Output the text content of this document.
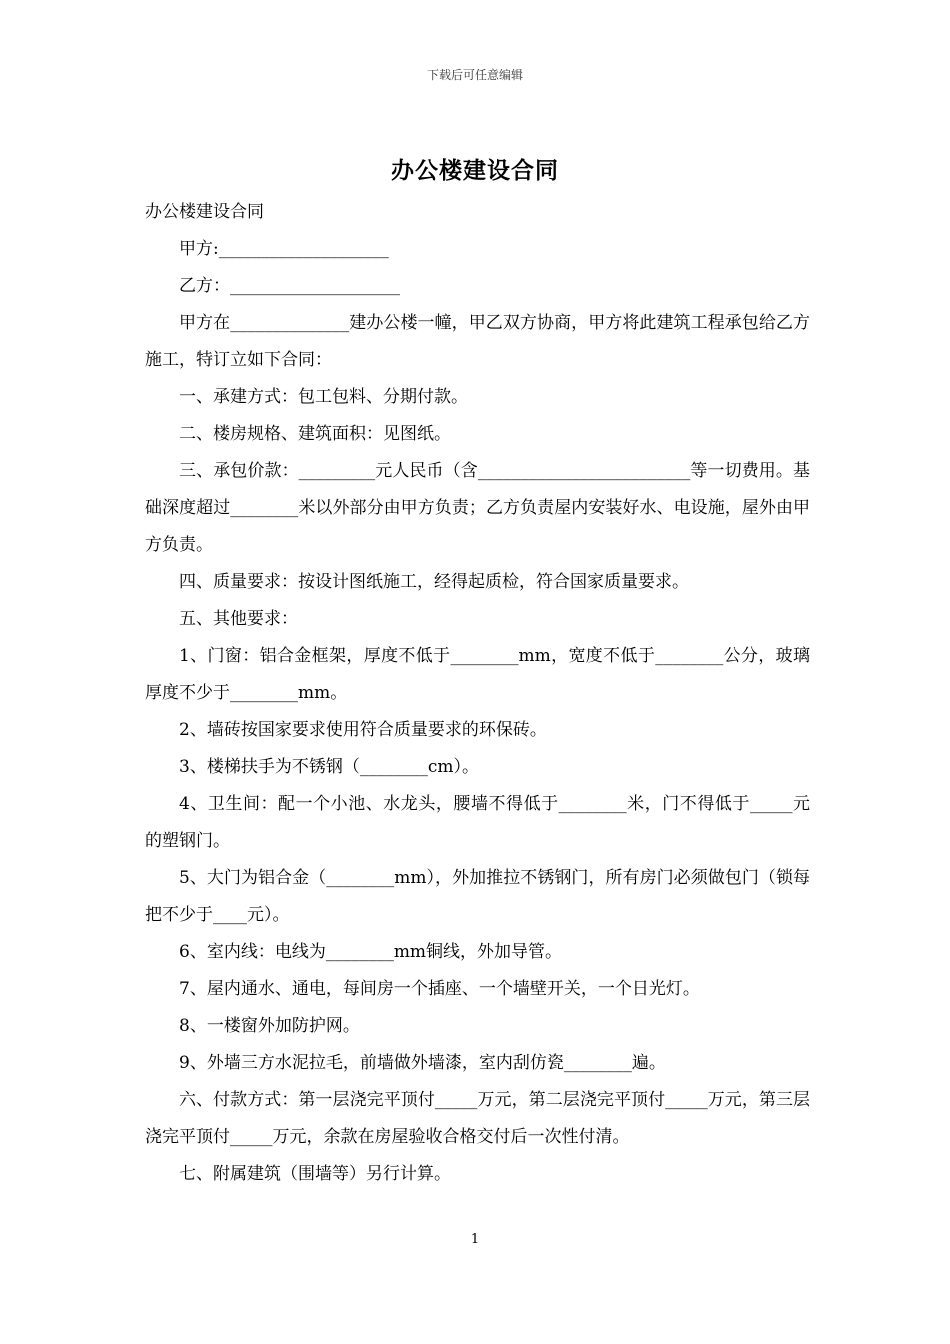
下载后可任意编辑
办公楼建设合同

办公楼建设合同

甲方:____________________

乙方：____________________

甲方在______________建办公楼一幢，甲乙双方协商，甲方将此建筑工程承包给乙方施工，特订立如下合同：

一、承建方式：包工包料、分期付款。

二、楼房规格、建筑面积：见图纸。

三、承包价款：_________元人民币（含_________________________等一切费用。基础深度超过________米以外部分由甲方负责；乙方负责屋内安装好水、电设施，屋外由甲方负责。

四、质量要求：按设计图纸施工，经得起质检，符合国家质量要求。

五、其他要求：

1、门窗：铝合金框架，厚度不低于________mm，宽度不低于________公分，玻璃厚度不少于________mm。

2、墙砖按国家要求使用符合质量要求的环保砖。

3、楼梯扶手为不锈钢（________cm）。

4、卫生间：配一个小池、水龙头，腰墙不得低于________米，门不得低于_____元的塑钢门。

5、大门为铝合金（________mm），外加推拉不锈钢门，所有房门必须做包门（锁每把不少于____元）。

6、室内线：电线为________mm铜线，外加导管。

7、屋内通水、通电，每间房一个插座、一个墙壁开关，一个日光灯。

8、一楼窗外加防护网。

9、外墙三方水泥拉毛，前墙做外墙漆，室内刮仿瓷________遍。

六、付款方式：第一层浇完平顶付_____万元，第二层浇完平顶付_____万元，第三层浇完平顶付_____万元，余款在房屋验收合格交付后一次性付清。

七、附属建筑（围墙等）另行计算。

1
